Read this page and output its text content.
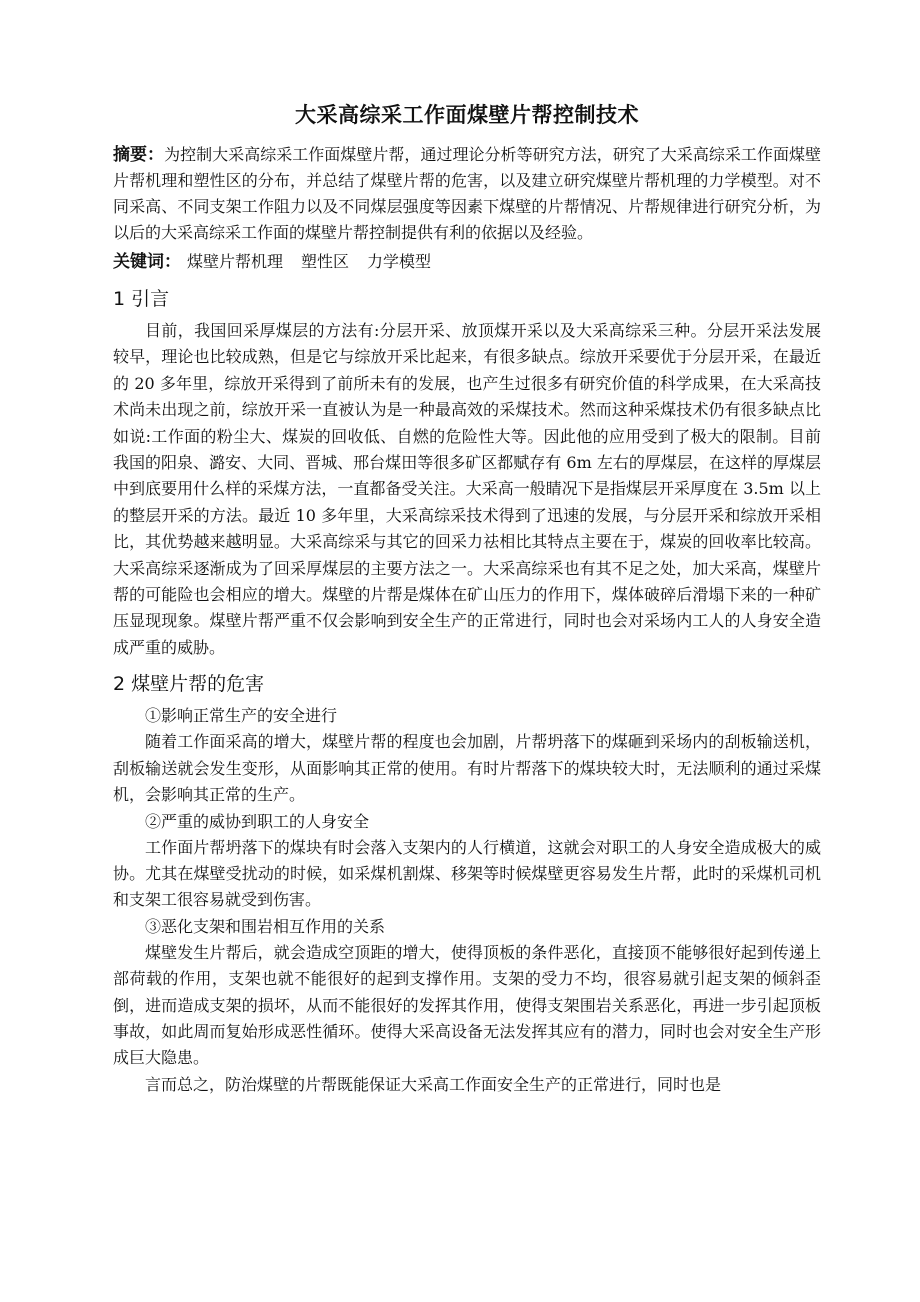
大采高综采工作面煤壁片帮控制技术

摘要：为控制大采高综采工作面煤壁片帮，通过理论分析等研究方法，研究了大采高综采工作面煤壁片帮机理和塑性区的分布，并总结了煤壁片帮的危害，以及建立研究煤壁片帮机理的力学模型。对不同采高、不同支架工作阻力以及不同煤层强度等因素下煤壁的片帮情况、片帮规律进行研究分析，为以后的大采高综采工作面的煤壁片帮控制提供有利的依据以及经验。

关键词： 煤壁片帮机理 塑性区 力学模型

1 引言

目前，我国回采厚煤层的方法有:分层开采、放顶煤开采以及大采高综采三种。分层开采法发展较早，理论也比较成熟，但是它与综放开采比起来，有很多缺点。综放开采要优于分层开采，在最近的 20 多年里，综放开采得到了前所未有的发展，也产生过很多有研究价值的科学成果，在大采高技术尚未出现之前，综放开采一直被认为是一种最高效的采煤技术。然而这种采煤技术仍有很多缺点比如说:工作面的粉尘大、煤炭的回收低、自燃的危险性大等。因此他的应用受到了极大的限制。目前我国的阳泉、潞安、大同、晋城、邢台煤田等很多矿区都赋存有 6m 左右的厚煤层，在这样的厚煤层中到底要用什么样的采煤方法，一直都备受关注。大采高一般睛况下是指煤层开采厚度在 3.5m 以上的整层开采的方法。最近 10 多年里，大采高综采技术得到了迅速的发展，与分层开采和综放开采相比，其优势越来越明显。大采高综采与其它的回采力祛相比其特点主要在于，煤炭的回收率比较高。大采高综采逐渐成为了回采厚煤层的主要方法之一。大采高综采也有其不足之处，加大采高，煤壁片帮的可能险也会相应的增大。煤壁的片帮是煤体在矿山压力的作用下，煤体破碎后滑塌下来的一种矿压显现现象。煤壁片帮严重不仅会影响到安全生产的正常进行，同时也会对采场内工人的人身安全造成严重的威胁。

2 煤壁片帮的危害

①影响正常生产的安全进行

随着工作面采高的增大，煤壁片帮的程度也会加剧，片帮坍落下的煤砸到采场内的刮板输送机，刮板输送就会发生变形，从面影响其正常的使用。有时片帮落下的煤块较大时，无法顺利的通过采煤机，会影响其正常的生产。

②严重的威协到职工的人身安全

工作面片帮坍落下的煤块有时会落入支架内的人行横道，这就会对职工的人身安全造成极大的威协。尤其在煤壁受扰动的时候，如采煤机割煤、移架等时候煤壁更容易发生片帮，此时的采煤机司机和支架工很容易就受到伤害。

③恶化支架和围岩相互作用的关系

煤壁发生片帮后，就会造成空顶距的增大，使得顶板的条件恶化，直接顶不能够很好起到传递上部荷载的作用，支架也就不能很好的起到支撑作用。支架的受力不均，很容易就引起支架的倾斜歪倒，进而造成支架的损坏，从而不能很好的发挥其作用，使得支架围岩关系恶化，再进一步引起顶板事故，如此周而复始形成恶性循环。使得大采高设备无法发挥其应有的潜力，同时也会对安全生产形成巨大隐患。

言而总之，防治煤壁的片帮既能保证大采高工作面安全生产的正常进行，同时也是
